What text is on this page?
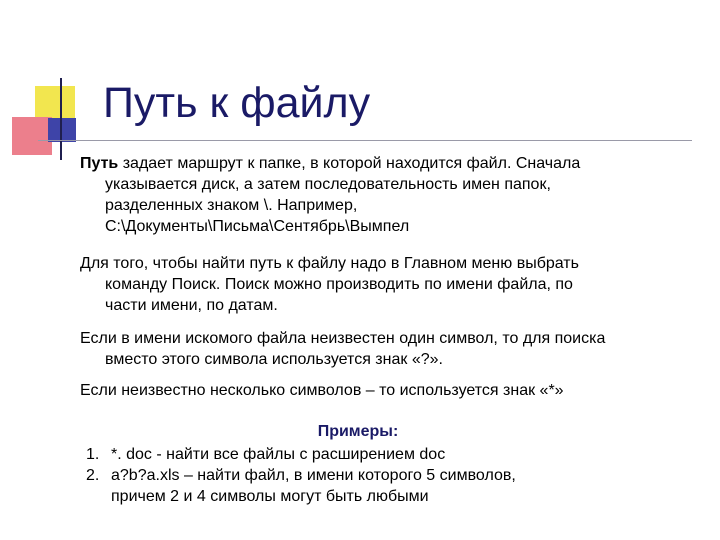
Путь к файлу

Путь задает маршрут к папке, в которой находится файл. Сначала
указывается диск, а затем последовательность имен папок,
разделенных знаком \. Например,
С:\Документы\Письма\Сентябрь\Вымпел

Для того, чтобы найти путь к файлу надо в Главном меню выбрать
команду Поиск. Поиск можно производить по имени файла, по
части имени, по датам.

Если в имени искомого файла неизвестен один символ, то для поиска
вместо этого символа используется знак «?».

Если неизвестно несколько символов – то используется знак «*»

Примеры:

1. *. doc - найти все файлы с расширением doc
2. a?b?a.xls – найти файл, в имени которого 5 символов,
причем 2 и 4 символы могут быть любыми
